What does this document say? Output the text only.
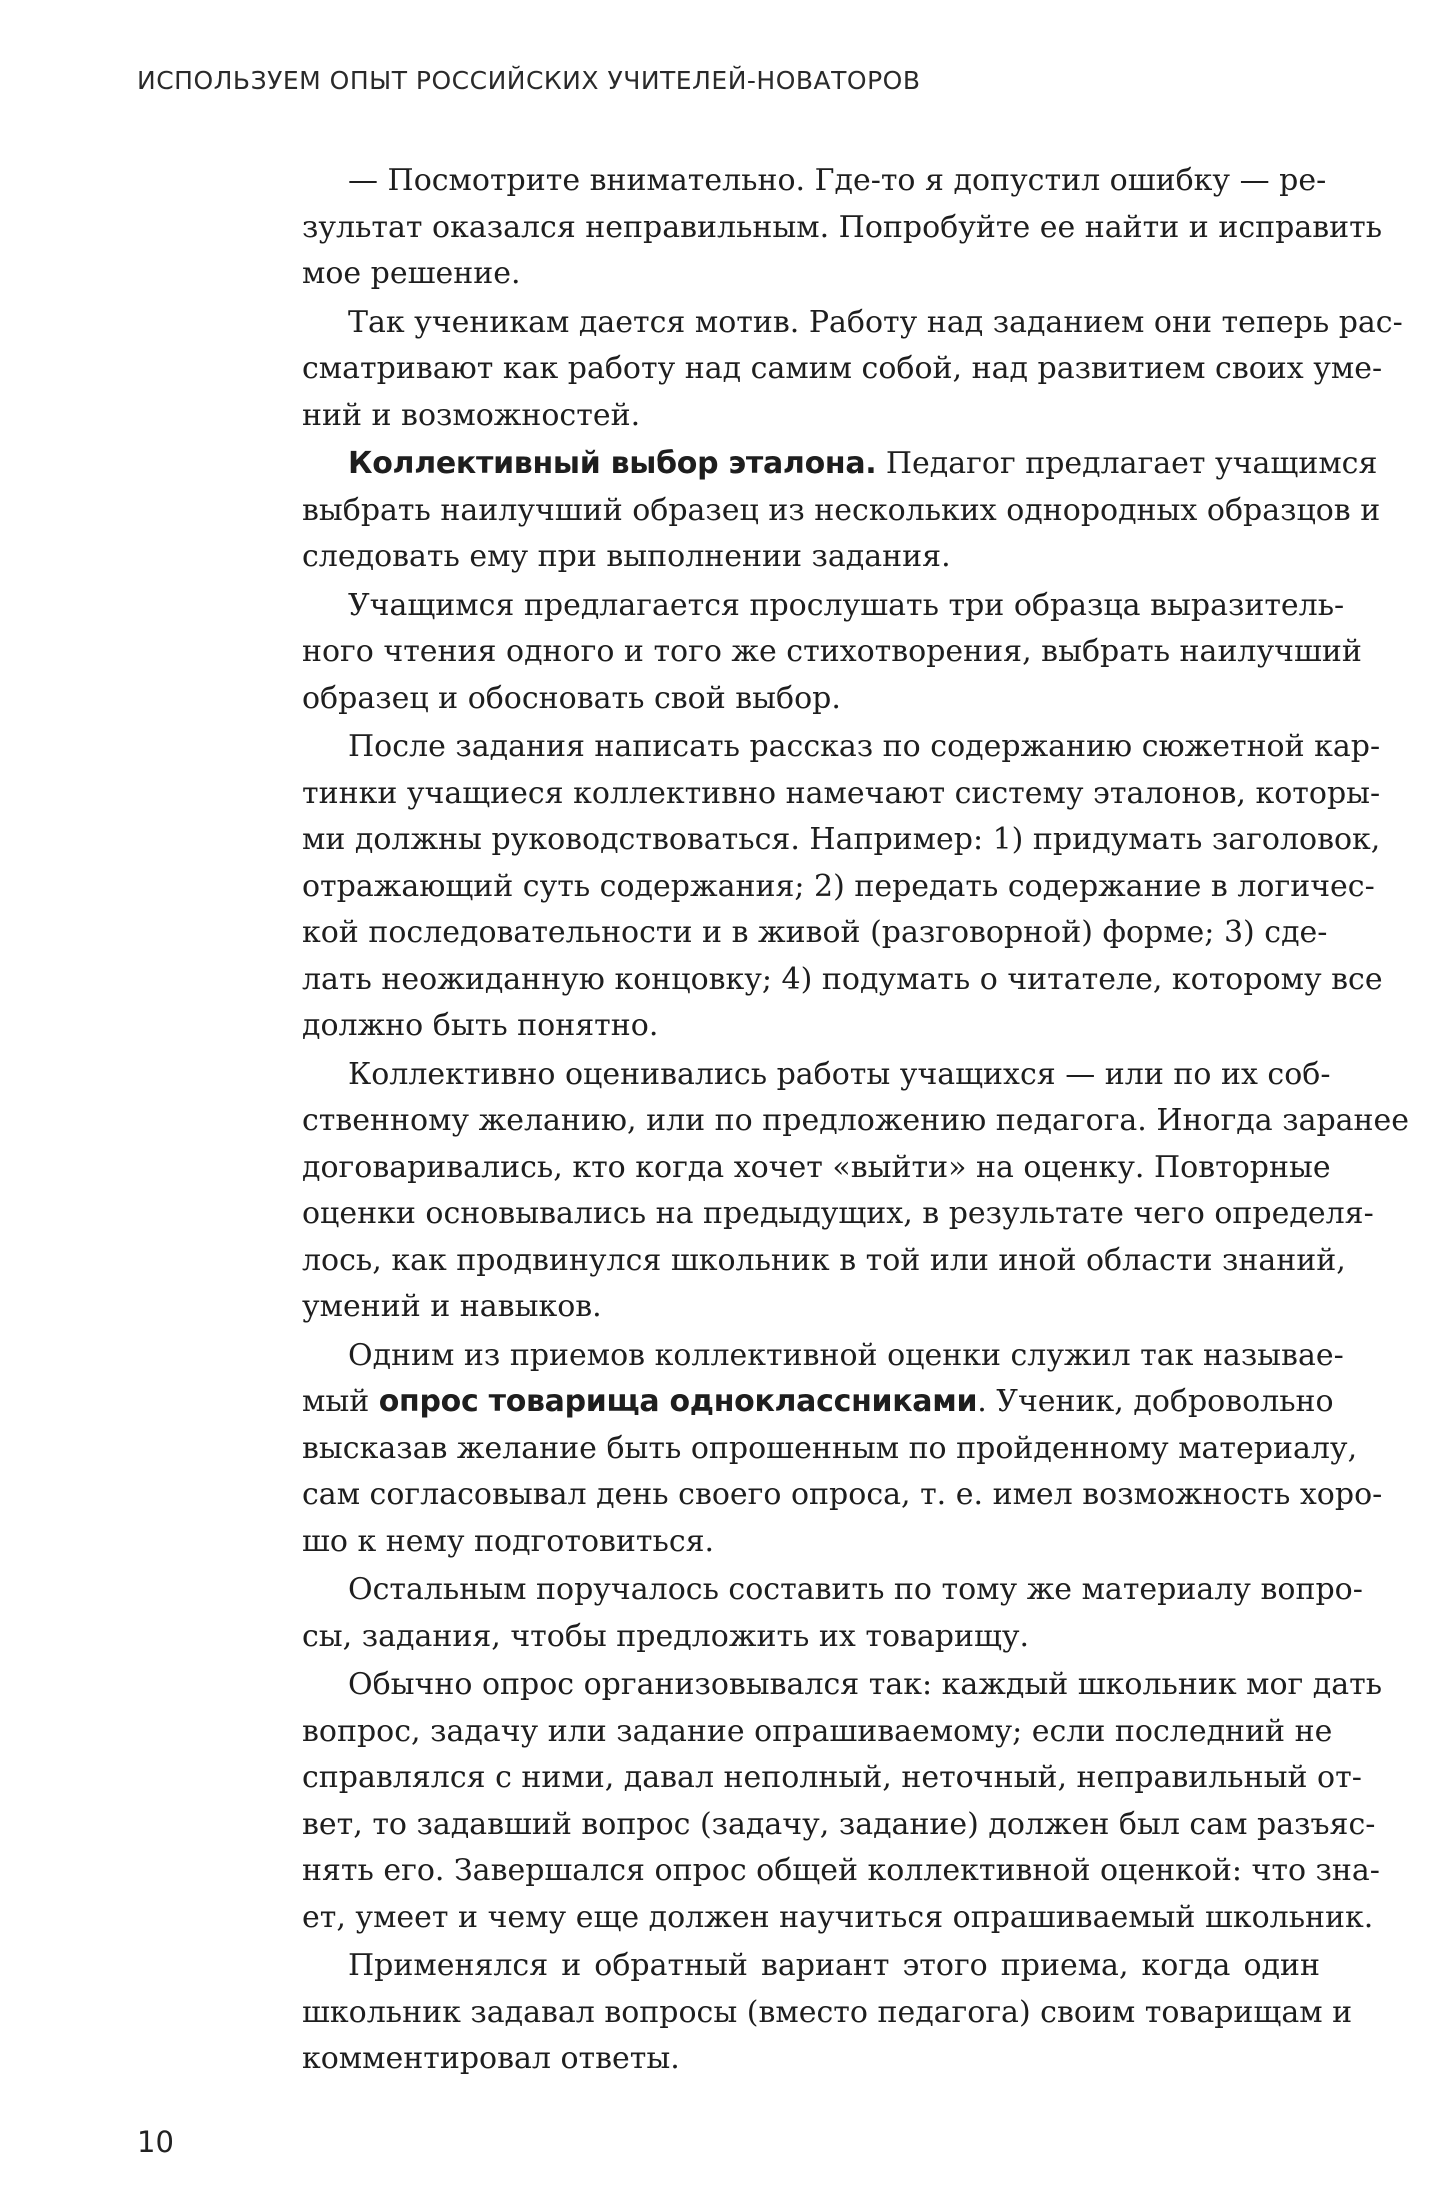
ИСПОЛЬЗУЕМ ОПЫТ РОССИЙСКИХ УЧИТЕЛЕЙ-НОВАТОРОВ
— Посмотрите внимательно. Где-то я допустил ошибку — ре-
зультат оказался неправильным. Попробуйте ее найти и исправить
мое решение.
Так ученикам дается мотив. Работу над заданием они теперь рас-
сматривают как работу над самим собой, над развитием своих уме-
ний и возможностей.
Коллективный выбор эталона. Педагог предлагает учащимся
выбрать наилучший образец из нескольких однородных образцов и
следовать ему при выполнении задания.
Учащимся предлагается прослушать три образца выразитель-
ного чтения одного и того же стихотворения, выбрать наилучший
образец и обосновать свой выбор.
После задания написать рассказ по содержанию сюжетной кар-
тинки учащиеся коллективно намечают систему эталонов, которы-
ми должны руководствоваться. Например: 1) придумать заголовок,
отражающий суть содержания; 2) передать содержание в логичес-
кой последовательности и в живой (разговорной) форме; 3) сде-
лать неожиданную концовку; 4) подумать о читателе, которому все
должно быть понятно.
Коллективно оценивались работы учащихся — или по их соб-
ственному желанию, или по предложению педагога. Иногда заранее
договаривались, кто когда хочет «выйти» на оценку. Повторные
оценки основывались на предыдущих, в результате чего определя-
лось, как продвинулся школьник в той или иной области знаний,
умений и навыков.
Одним из приемов коллективной оценки служил так называе-
мый опрос товарища одноклассниками. Ученик, добровольно
высказав желание быть опрошенным по пройденному материалу,
сам согласовывал день своего опроса, т. е. имел возможность хоро-
шо к нему подготовиться.
Остальным поручалось составить по тому же материалу вопро-
сы, задания, чтобы предложить их товарищу.
Обычно опрос организовывался так: каждый школьник мог дать
вопрос, задачу или задание опрашиваемому; если последний не
справлялся с ними, давал неполный, неточный, неправильный от-
вет, то задавший вопрос (задачу, задание) должен был сам разъяс-
нять его. Завершался опрос общей коллективной оценкой: что зна-
ет, умеет и чему еще должен научиться опрашиваемый школьник.
Применялся и обратный вариант этого приема, когда один
школьник задавал вопросы (вместо педагога) своим товарищам и
комментировал ответы.
10
